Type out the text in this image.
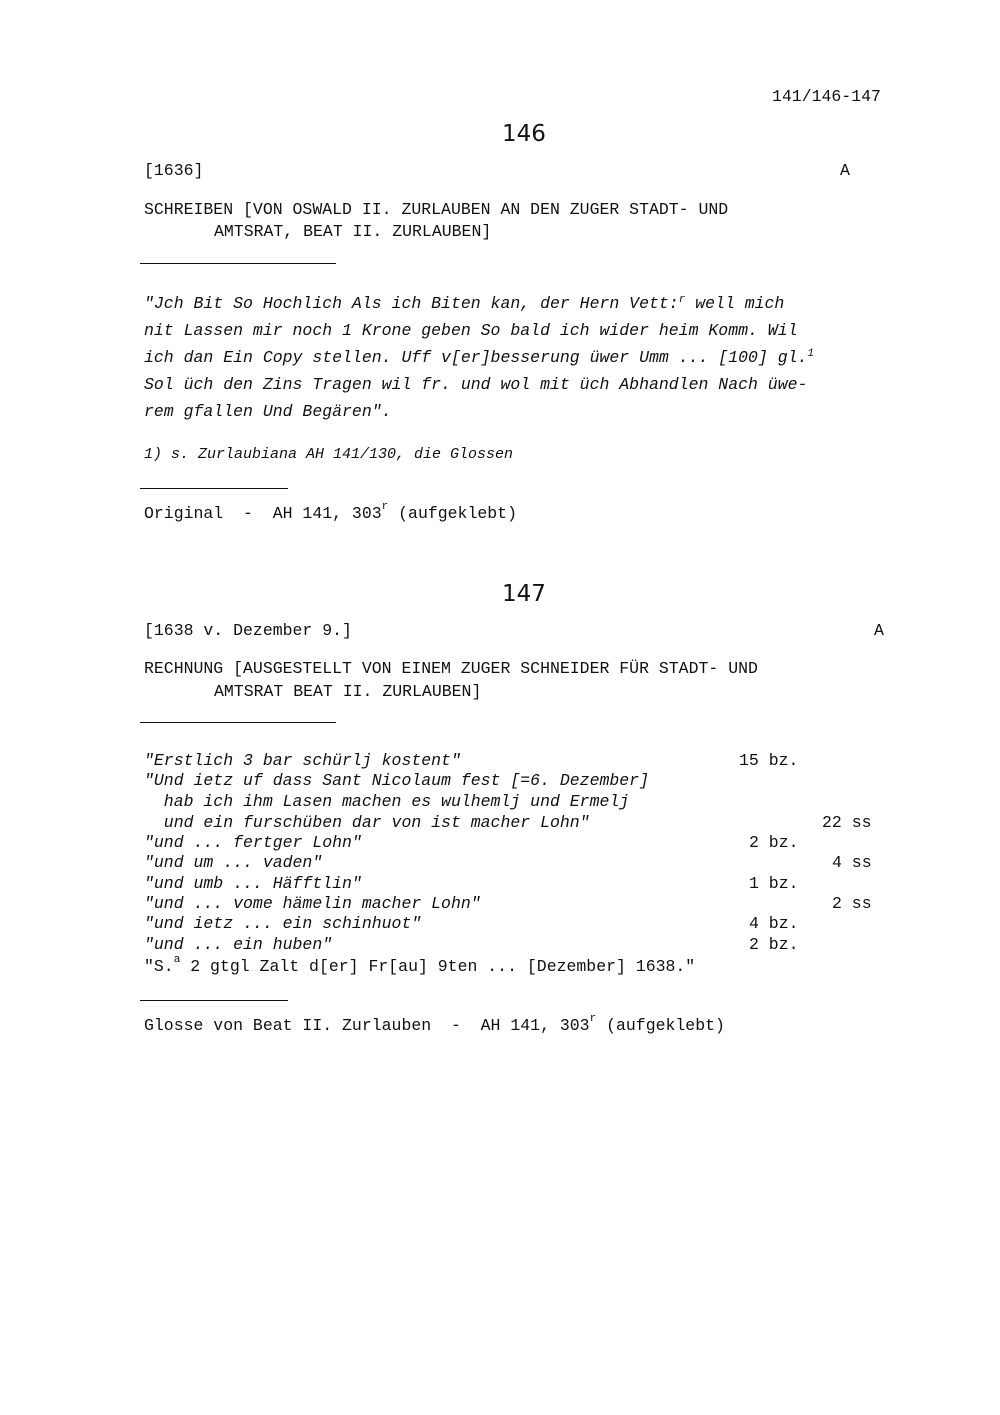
141/146-147
146
[1636]	A
SCHREIBEN [VON OSWALD II. ZURLAUBEN AN DEN ZUGER STADT- UND
AMTSRAT, BEAT II. ZURLAUBEN]
"Jch Bit So Hochlich Als ich Biten kan, der Hern Vett:$^r$ well mich
nit Lassen mir noch 1 Krone geben So bald ich wider heim Komm. Wil
ich dan Ein Copy stellen. Uff v[er]besserung üwer Umm ... [100] gl.$^1$
Sol üch den Zins Tragen wil fr. und wol mit üch Abhandlen Nach üwe-
rem gfallen Und Begären".
1) s. Zurlaubiana AH 141/130, die Glossen
Original  -  AH 141, 303$^r$ (aufgeklebt)
147
[1638 v. Dezember 9.]	A
RECHNUNG [AUSGESTELLT VON EINEM ZUGER SCHNEIDER FÜR STADT- UND
AMTSRAT BEAT II. ZURLAUBEN]
"Erstlich 3 bar schürlj kostent"	15 bz.
"Und ietz uf dass Sant Nicolaum fest [=6. Dezember]
hab ich ihm Lasen machen es wulhemlj und Ermelj
und ein furschüben dar von ist macher Lohn"	22 ss
"und ... fertger Lohn"	2 bz.
"und um ... vaden"	4 ss
"und umb ... Häfftlin"	1 bz.
"und ... vome hämelin macher Lohn"	2 ss
"und ietz ... ein schinhuot"	4 bz.
"und ... ein huben"	2 bz.
"S.$^a$ 2 gtgl Zalt d[er] Fr[au] 9ten ... [Dezember] 1638."
Glosse von Beat II. Zurlauben  -  AH 141, 303$^r$ (aufgeklebt)
